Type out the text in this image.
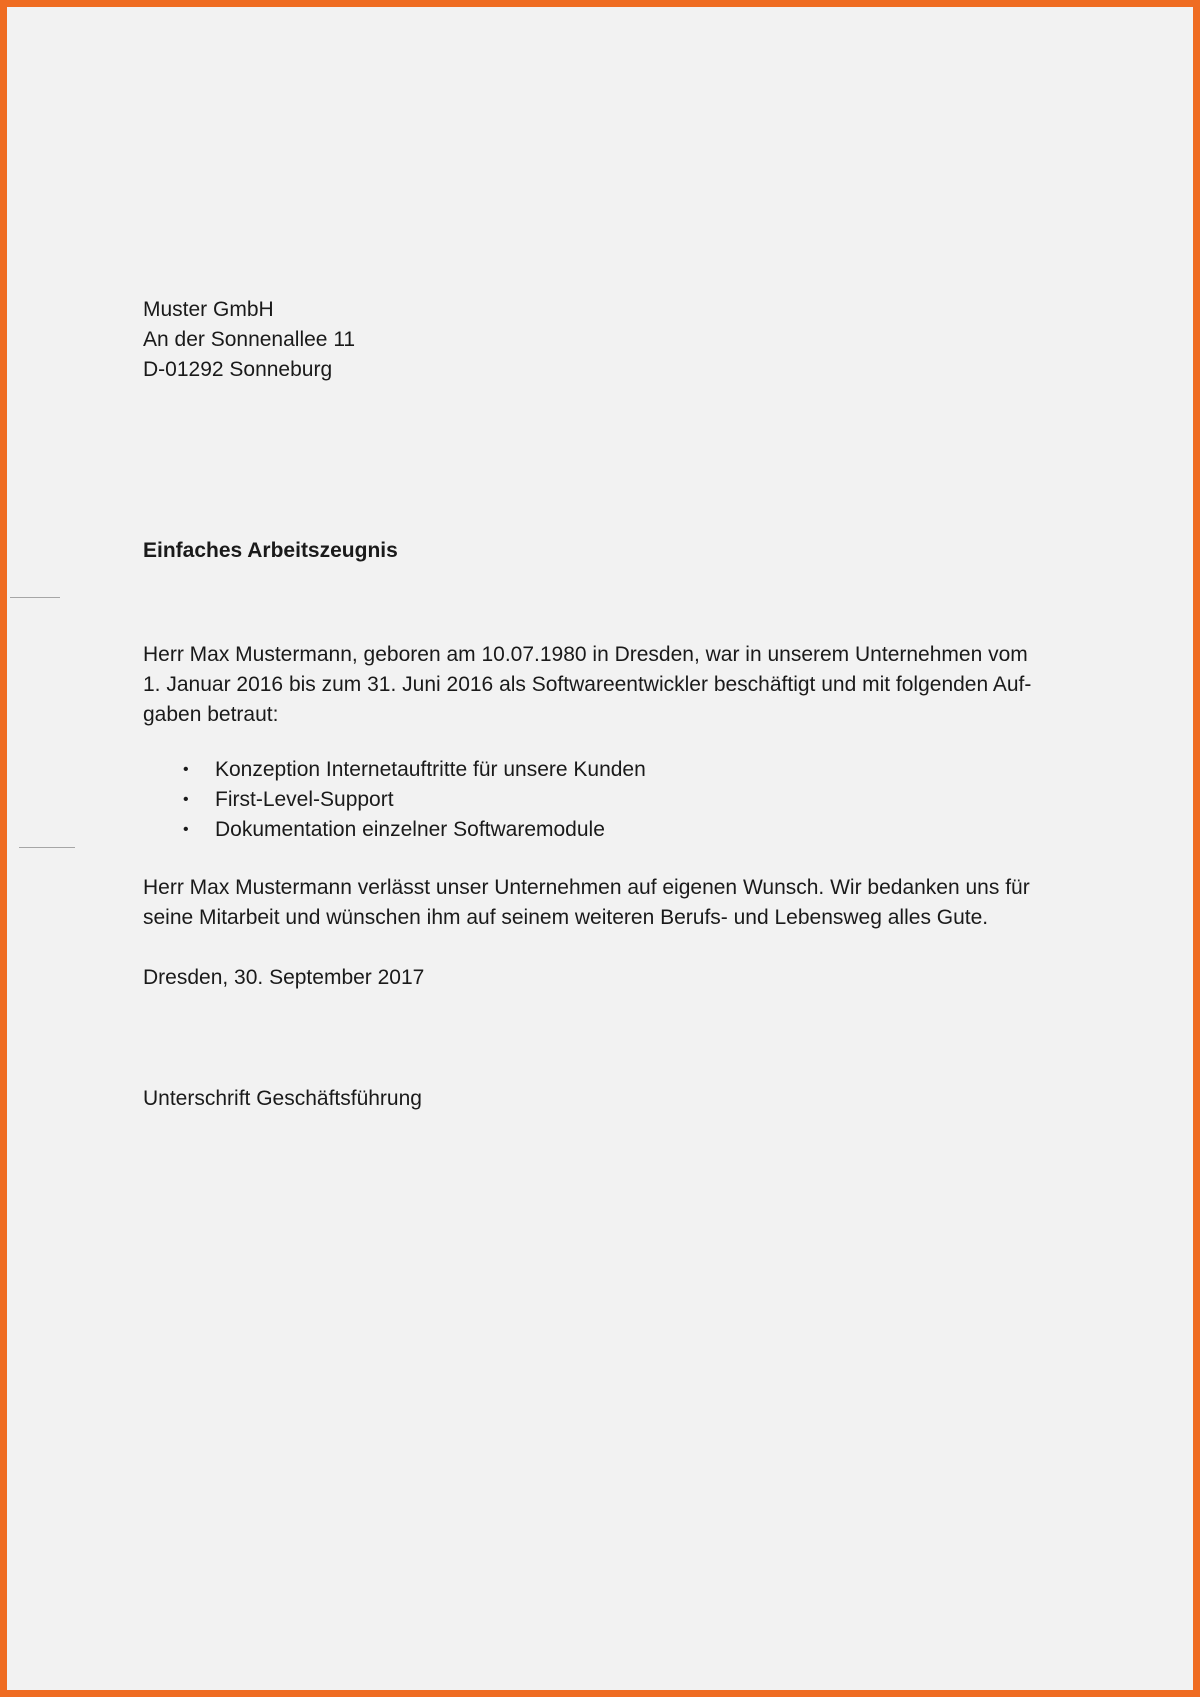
Muster GmbH
An der Sonnenallee 11
D-01292 Sonneburg
Einfaches Arbeitszeugnis
Herr Max Mustermann, geboren am 10.07.1980 in Dresden, war in unserem Unternehmen vom
1. Januar 2016 bis zum 31. Juni 2016 als Softwareentwickler beschäftigt und mit folgenden Auf-
gaben betraut:
• Konzeption Internetauftritte für unsere Kunden
• First-Level-Support
• Dokumentation einzelner Softwaremodule
Herr Max Mustermann verlässt unser Unternehmen auf eigenen Wunsch. Wir bedanken uns für
seine Mitarbeit und wünschen ihm auf seinem weiteren Berufs- und Lebensweg alles Gute.
Dresden, 30. September 2017
Unterschrift Geschäftsführung
